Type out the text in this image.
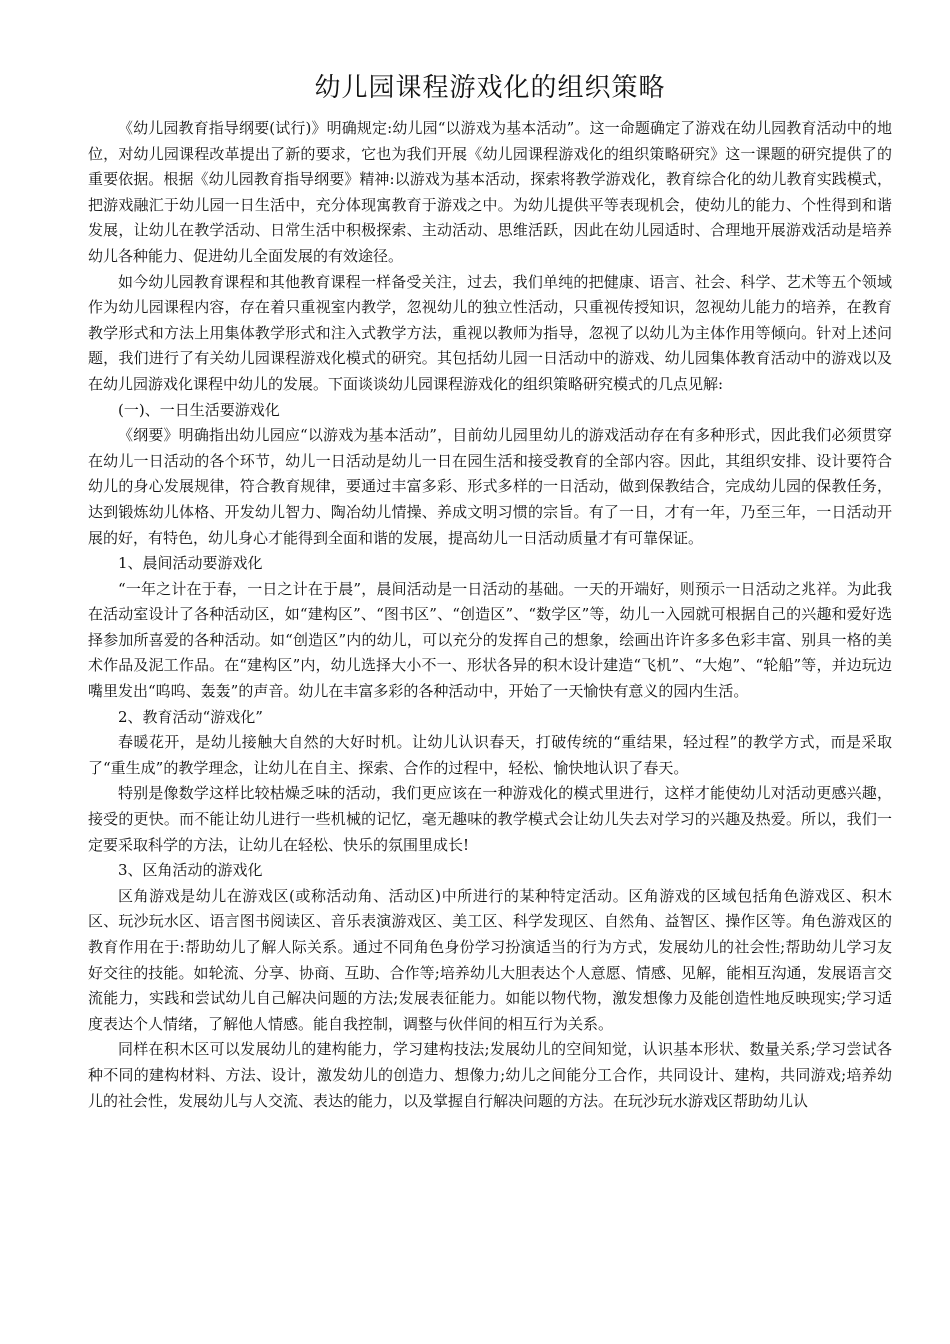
幼儿园课程游戏化的组织策略

《幼儿园教育指导纲要(试行)》明确规定:幼儿园“以游戏为基本活动”。这一命题确定了游戏在幼儿园教育活动中的地位，对幼儿园课程改革提出了新的要求，它也为我们开展《幼儿园课程游戏化的组织策略研究》这一课题的研究提供了的重要依据。根据《幼儿园教育指导纲要》精神:以游戏为基本活动，探索将教学游戏化，教育综合化的幼儿教育实践模式，把游戏融汇于幼儿园一日生活中，充分体现寓教育于游戏之中。为幼儿提供平等表现机会，使幼儿的能力、个性得到和谐发展，让幼儿在教学活动、日常生活中积极探索、主动活动、思维活跃，因此在幼儿园适时、合理地开展游戏活动是培养幼儿各种能力、促进幼儿全面发展的有效途径。

如今幼儿园教育课程和其他教育课程一样备受关注，过去，我们单纯的把健康、语言、社会、科学、艺术等五个领域作为幼儿园课程内容，存在着只重视室内教学，忽视幼儿的独立性活动，只重视传授知识，忽视幼儿能力的培养，在教育教学形式和方法上用集体教学形式和注入式教学方法，重视以教师为指导，忽视了以幼儿为主体作用等倾向。针对上述问题，我们进行了有关幼儿园课程游戏化模式的研究。其包括幼儿园一日活动中的游戏、幼儿园集体教育活动中的游戏以及在幼儿园游戏化课程中幼儿的发展。下面谈谈幼儿园课程游戏化的组织策略研究模式的几点见解:

(一)、一日生活要游戏化

《纲要》明确指出幼儿园应“以游戏为基本活动”，目前幼儿园里幼儿的游戏活动存在有多种形式，因此我们必须贯穿在幼儿一日活动的各个环节，幼儿一日活动是幼儿一日在园生活和接受教育的全部内容。因此，其组织安排、设计要符合幼儿的身心发展规律，符合教育规律，要通过丰富多彩、形式多样的一日活动，做到保教结合，完成幼儿园的保教任务，达到锻炼幼儿体格、开发幼儿智力、陶冶幼儿情操、养成文明习惯的宗旨。有了一日，才有一年，乃至三年，一日活动开展的好，有特色，幼儿身心才能得到全面和谐的发展，提高幼儿一日活动质量才有可靠保证。

1、晨间活动要游戏化

“一年之计在于春，一日之计在于晨”，晨间活动是一日活动的基础。一天的开端好，则预示一日活动之兆祥。为此我在活动室设计了各种活动区，如“建构区”、“图书区”、“创造区”、“数学区”等，幼儿一入园就可根据自己的兴趣和爱好选择参加所喜爱的各种活动。如“创造区”内的幼儿，可以充分的发挥自己的想象，绘画出许许多多色彩丰富、别具一格的美术作品及泥工作品。在“建构区”内，幼儿选择大小不一、形状各异的积木设计建造“飞机”、“大炮”、“轮船”等，并边玩边嘴里发出“呜呜、轰轰”的声音。幼儿在丰富多彩的各种活动中，开始了一天愉快有意义的园内生活。

2、教育活动“游戏化”

春暖花开，是幼儿接触大自然的大好时机。让幼儿认识春天，打破传统的“重结果，轻过程”的教学方式，而是采取了“重生成”的教学理念，让幼儿在自主、探索、合作的过程中，轻松、愉快地认识了春天。

特别是像数学这样比较枯燥乏味的活动，我们更应该在一种游戏化的模式里进行，这样才能使幼儿对活动更感兴趣，接受的更快。而不能让幼儿进行一些机械的记忆，毫无趣味的教学模式会让幼儿失去对学习的兴趣及热爱。所以，我们一定要采取科学的方法，让幼儿在轻松、快乐的氛围里成长!

3、区角活动的游戏化

区角游戏是幼儿在游戏区(或称活动角、活动区)中所进行的某种特定活动。区角游戏的区域包括角色游戏区、积木区、玩沙玩水区、语言图书阅读区、音乐表演游戏区、美工区、科学发现区、自然角、益智区、操作区等。角色游戏区的教育作用在于:帮助幼儿了解人际关系。通过不同角色身份学习扮演适当的行为方式，发展幼儿的社会性;帮助幼儿学习友好交往的技能。如轮流、分享、协商、互助、合作等;培养幼儿大胆表达个人意愿、情感、见解，能相互沟通，发展语言交流能力，实践和尝试幼儿自己解决问题的方法;发展表征能力。如能以物代物，激发想像力及能创造性地反映现实;学习适度表达个人情绪，了解他人情感。能自我控制，调整与伙伴间的相互行为关系。

同样在积木区可以发展幼儿的建构能力，学习建构技法;发展幼儿的空间知觉，认识基本形状、数量关系;学习尝试各种不同的建构材料、方法、设计，激发幼儿的创造力、想像力;幼儿之间能分工合作，共同设计、建构，共同游戏;培养幼儿的社会性，发展幼儿与人交流、表达的能力，以及掌握自行解决问题的方法。在玩沙玩水游戏区帮助幼儿认
